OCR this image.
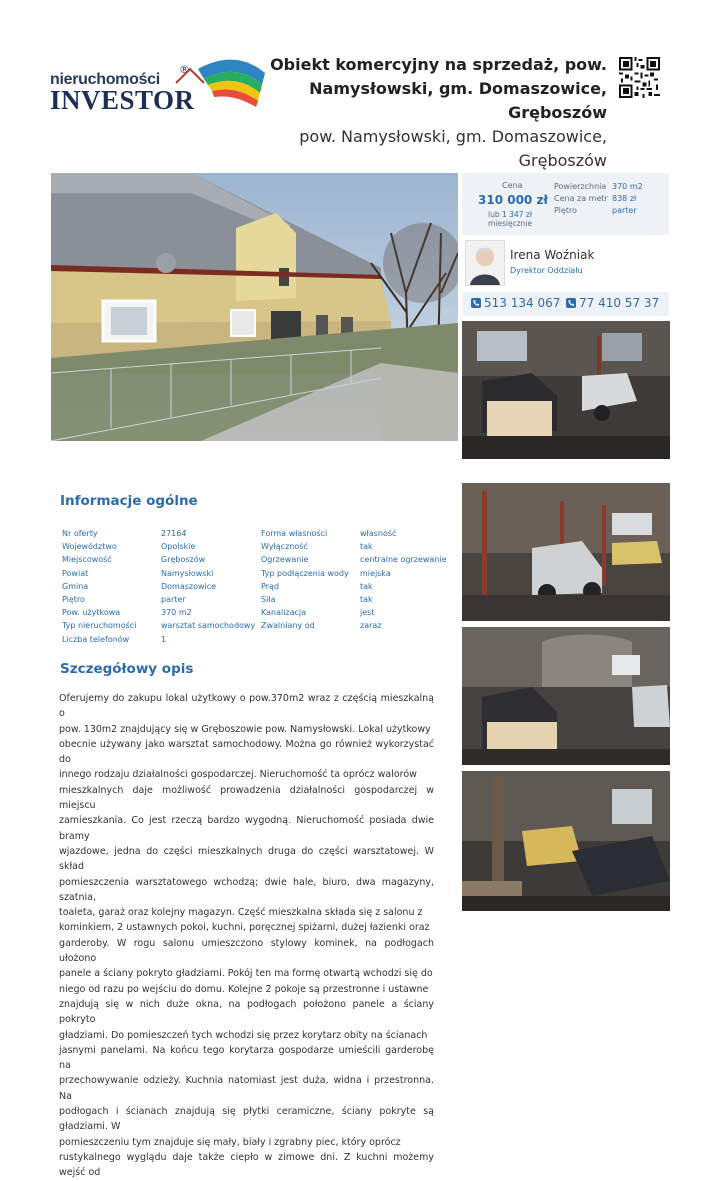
nieruchomości
®
INVESTOR
Obiekt komercyjny na sprzedaż, pow.
Namysłowski, gm. Domaszowice, Gręboszów
pow. Namysłowski, gm. Domaszowice,
Gręboszów
Cena
310 000 zł
lub 1 347 zł
miesięcznie
Powierzchnia
Cena za metr
Piętro
370 m2
838 zł
parter
Irena Woźniak
Dyrektor Oddziału
513 134 067	77 410 57 37
Informacje ogólne
Nr oferty
Województwo
Miejscowość
Powiat
Gmina
Piętro
Pow. użytkowa
Typ nieruchomości
Liczba telefonów
27164
Opolskie
Gręboszów
Namysłowski
Domaszowice
parter
370 m2
warsztat samochodowy
1
Forma własności
Wyłączność
Ogrzewanie
Typ podłączenia wody
Prąd
Siła
Kanalizacja
Zwalniany od
własność
tak
centralne ogrzewanie
miejska
tak
tak
jest
zaraz
Szczegółowy opis
Oferujemy do zakupu lokal użytkowy o pow.370m2 wraz z częścią mieszkalną o
pow. 130m2 znajdujący się w Gręboszowie pow. Namysłowski. Lokal użytkowy
obecnie używany jako warsztat samochodowy. Można go również wykorzystać do
innego rodzaju działalności gospodarczej. Nieruchomość ta oprócz walorów
mieszkalnych daje możliwość prowadzenia działalności gospodarczej w miejscu
zamieszkania. Co jest rzeczą bardzo wygodną. Nieruchomość posiada dwie bramy
wjazdowe, jedna do części mieszkalnych druga do części warsztatowej. W skład
pomieszczenia warsztatowego wchodzą; dwie hale, biuro, dwa magazyny, szatnia,
toaleta, garaż oraz kolejny magazyn. Część mieszkalna składa się z salonu z
kominkiem, 2 ustawnych pokoi, kuchni, poręcznej spiżarni, dużej łazienki oraz
garderoby. W rogu salonu umieszczono stylowy kominek, na podłogach ułożono
panele a ściany pokryto gładziami. Pokój ten ma formę otwartą wchodzi się do
niego od razu po wejściu do domu. Kolejne 2 pokoje są przestronne i ustawne
znajdują się w nich duże okna, na podłogach położono panele a ściany pokryto
gładziami. Do pomieszczeń tych wchodzi się przez korytarz obity na ścianach
jasnymi panelami. Na końcu tego korytarza gospodarze umieścili garderobę na
przechowywanie odzieży. Kuchnia natomiast jest duża, widna i przestronna. Na
podłogach i ścianach znajdują się płytki ceramiczne, ściany pokryte są gładziami. W
pomieszczeniu tym znajduje się mały, biały i zgrabny piec, który oprócz
rustykalnego wyglądu daje także ciepło w zimowe dni. Z kuchni możemy wejść od
